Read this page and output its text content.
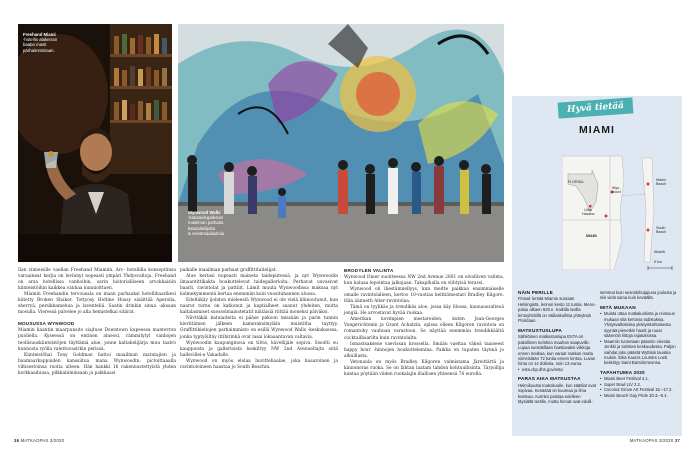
Freehand Miami
-hotellin alakerran
baabo masit
parhaimmistaan.
Wynwood Walls
-katutaidegallerian
maailman parhaita
katutaiteilijoita
& seinämaalauksia.

Ilan viimeisille vaellan Freehand Miamiin. Arc- hotellilla konseptiinsa varaaineat kerjia on levinnyt nopeasti ympäri Yhdysvaltoja. Freehand on arsa hotellissa vanhoihin, sarin historialliseen arvokkaisiin kiinteistöihin kaikkea vanhaa kunnioittaen.

Miamin Freehandin tervousala on maan parhaaksi hotellibaarikesi kiitetty Broken Shaker. Tottyosy Hotline Hussy sisälttää Aperolia, sherryä, persikkamehua ja laventeliä. Saatin drinkin sinua -aksaan mosulla. Vieressä palvelee jo alla hemistelkai sitärat.

MOUSUSSA WYNWOOD

Miamin kaantin maarpunsito siajtuse Downtown kupeessa manterron puoliella. Kyseessä on entinen alueosi, rämmitytyl vanhojen teollisuuskiinteistöjen täyttämä alue, jonne kaltahelijärja muu taatro kunnosta ryölla valettuvasirkin perissä.

Kiinteistöhai Tony Goldman hattoi maailman matutajien ja baumaarkappuiden kanssiitua mana Wynwoodin: pictoittaaalla viltisestoinsa ruotia ulteen. Hän hankki 16 rakennustettyistä yhden korkkaaduusa, pilkkahiminsaan ja palkkaasi

paikalle maailman parhaat graffittitaitelijat.

Alue kertasi nopeasti maineta taidepiiressä, ja nyt Wynwoodin ilmaantittikakta houkuttelevat taidegallerioita. Perhavat uuvasivat baarit, ravintolat ja pattiiit. Lämit muuta Wynwoodissa maksaa nyt kolmekymmentä kertaa enemmän kuin vuosituhannen alussa.

Edeltäkäy ijohdon mieleestä Wynwood ei ole vielä kliinoutunut, kun naarut turnu on katkonut ja kaptialheet saanut yhdeiten, mutta kaltalasmiset suossolmainstetatit näitäisiä riittää moneksi päiväksi.

Nävttäkäi katuiaiteita ei pääse pakoon missään ja parin tunnin kierittämen jälkeen kameraksimyikin muistitha tayttyy. Graffittikieltojen parhaimmisto on esillä Wynwood Walls -keskuksessa, jonka typtyöiltäy ittihirinkä ovat lasai lokaaantavan valtavia.

Wynwoodin kaupunginosa on tilvis, kävellijäle sopiva. Sisoilti ou kauppoista ja gallerioista keskittyy NW 2nd Avenuellajta siitä hallevillei-e Vakadalle.

Wynwood on myös elolaa huvittehaalae, joka haaaroinen ja ravintoloineen haastaa jo South Beachin.

BRODYLEN VALINTA

Wynwood Diner suoitteessa NW 2nd Avenue 2601 on eivalliven valinta, kun haluaa lepointaa jalkojaan. Takaplhalla on viihtyisä terassi.

Wynwood oli ihestämnellyys, kun meitte paikkaa ensimmäiselle omalle ravintolalleen, kertoo 10-vuotias keittiömestari Bradley Kilgore. Hän äännetti Alter-ravintolaa.

Tämä on tyylikäs ja trendikäs aloe, jossa käy lilossa, kaunaussalteoä jengiä. He arvostavat hyvää ruokaa.

Amerikan kovimpien mestareiden, kuten Jean-Georges Vongerichtenin ja Grant Achatzin, oplssa olleen Kilgoren ravintola on romantoby vauhuan varastoon. Se näyttää enemmän trendikkäältä cocktailbaarilta kuin ravintolalta.

Ismastsaksene vaevissan krossella. Smään vaeltaa väkeä taaiseest happy hour -hinnojen houkuttelemina. Paikka on tupaten täynnä jo alkuillasta.

Vetonaula on myös Bradley Kilgoren valmistama Järeittärtä ja kinnonoras ruoka. Se on lähtan laatam tahdon kohtuullisinta. Tarjoillija kantaa pöytään viiden ruokalajin illallisen yhteensä 76 eurolla.

Hyvä tietää
MIAMI
FLORIDA
Wyn-
wood
Little
Havana
Miami
Beach
South
Beach
MIAMI
Atlantti
5 km
NÄIN PERILLE

Finnair lentää Miamin suoraan Helsingistä, lennon kesto 11 tuntia. Meno-paluu alkaen 620 e. Kaikilla isoilla lentoyhtiöillä on välilaskullisia yhteyksiä Floridaan.

MATKUSTUSLUPA

Sähköinen matkustuslupa ESTA on pakollinen turistina maahan saapuville. Lupaa suositellaan haettavaksi viikkoja ennen matkaa, kun varaat matkan mutta viimeistään 72 tuntia ennen lentoa. Luvan hinta on 14 dollaria, noin 13 euroa.

• esta.cbp.dhs.gov/esta
PARAS AIKA MATKUSTAA

Helmikuusta toukokuulle, kun säätilat ovat sopivaa. Kesäsää on kuumaa ja ilma kosteaa. Aurinko paistaa edelleen täysiältä terälle, mutta hinnat ovat edulli-

semmat kuin sesonkihuippuna joulusta ja siis vielä sama kuin keväällä.

MITÄ MUKAAN
• Muista ottaa matkaluokista ja reissuun mukaan sitä kertovia todistuksia. Yhdysvaltoisissa yksityiskohtaisesta syynää pienetkin hautit ja ruuat säännöin liittoja rajatuksissa.
• Maamiin tunnetaan pääosin vieraita Jenkki ja turistien keskuudessa. Paljon vaihdat joko päästä Wyttisiä tauokia mukiin. Eikä Kaunis Lourdes Loeb keskittyy Saint Bartolomeonsa.
TAPAHTUMIA 2020
• Miami Beer Festival 4.1.
• Super Bowl LIV 2.2.
• Coconut Grove Art Festival 15.–17.2.
• Miami Beach Gay Pride 30.3.–5.4.
36 MATKAOPAS 3/2020	MATKAOPAS 3/2020 37
